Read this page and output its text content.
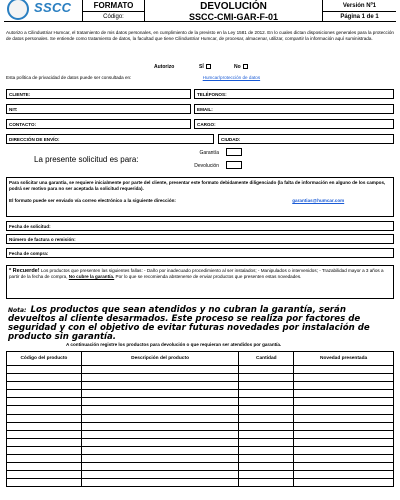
SSCC	FORMATO
Código:
DEVOLUCIÓN
SSCC-CMI-GAR-F-01
Versión Nº1
Página 1 de 1
Autorizo a Cilindustriar Humcar, el tratamiento de mis datos personales, en cumplimiento de la previsto en la Ley 1581 de 2012. En lo cuales dictan disposiciones generales para la protección de datos personales. Se entiende como tratamiento de datos, la facultad que tiene Cilindustriar Humcar, de procesar, almacenar, utilizar, compartir la información aquí suministrada.
Autorizo	SÍ	No
Esta política de privacidad de datos puede ser consultada en:	Humcar/protección de datos
CLIENTE:	TELÉFONOS:
NIT:	EMAIL:
CONTACTO:	CARGO:
DIRECCIÓN DE ENVÍO:	CIUDAD:
La presente solicitud es para:
Garantía
Devolución
Para solicitar una garantía, se requiere inicialmente por parte del cliente, presentar este formato debidamente diligenciado (la falta de información en alguno de los campos, podrá ser motivo para no ser aceptada la solicitud requerida).
El formato puede ser enviado vía correo electrónico a la siguiente dirección:	garantias@humcar.com
Fecha de solicitud:
Número de factura o remisión:
Fecha de compra:
* Recuerde! Los productos que presenten las siguientes fallas: - Daño por inadecuado procedimiento al ser instalados; - Manipulados o intervenidos; - Trazabilidad mayor a 3 años a partir de la fecha de compra, No cubre la garantía. Por lo que se recomienda abstenerse de enviar productos que presenten estas novedades.
Nota: Los productos que sean atendidos y no cubran la garantía, serán devueltos al cliente desarmados. Este proceso se realiza por factores de seguridad y con el objetivo de evitar futuras novedades por instalación de producto sin garantía.
A continuación registre los productos para devolución o que requieran ser atendidos por garantía.
Código del producto	Descripción del producto	Cantidad	Novedad presentada
